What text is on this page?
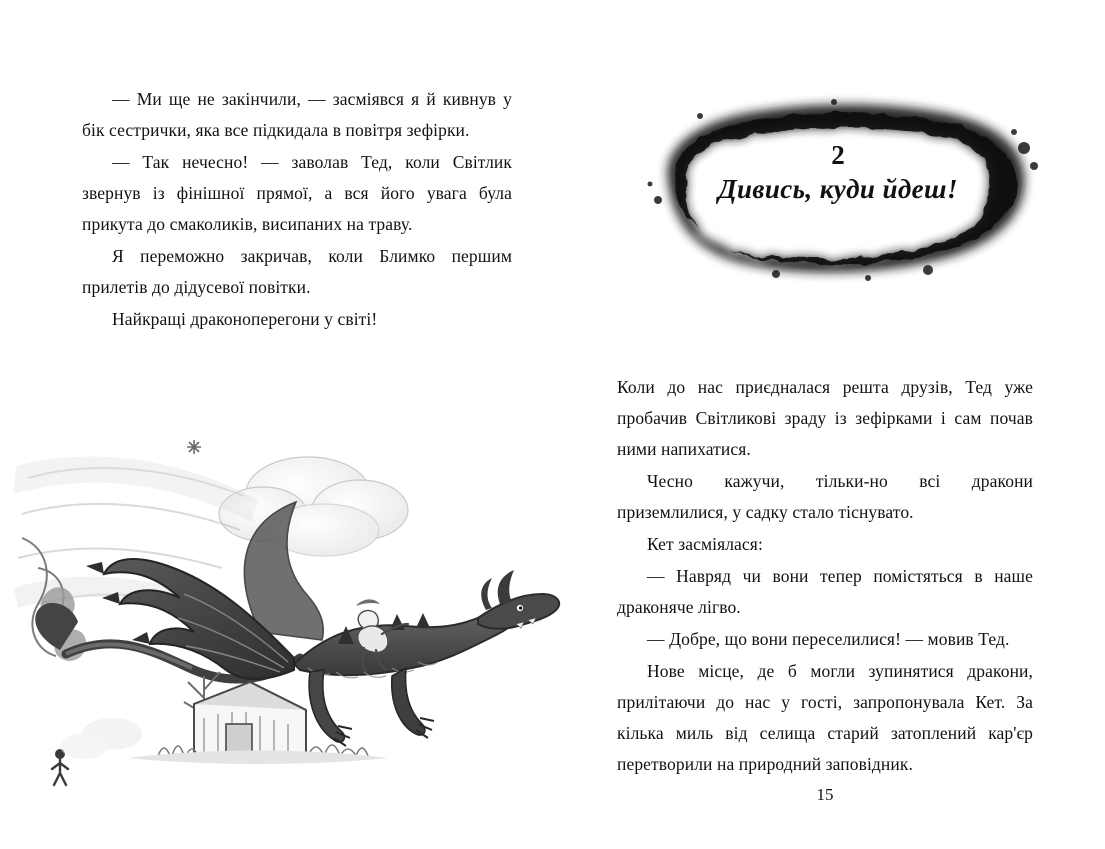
— Ми ще не закінчили, — засміявся я й кивнув у бік сестрички, яка все підкидала в повітря зефірки.

— Так нечесно! — заволав Тед, коли Світлик звернув із фінішної прямої, а вся його увага була прикута до смаколиків, висипаних на траву.

Я переможно закричав, коли Блимко першим прилетів до дідусевої повітки.

Найкращі драконоперегони у світі!

2
Дивись, куди йдеш!

Коли до нас приєдналася решта друзів, Тед уже пробачив Світликові зраду із зефірками і сам почав ними напихатися.

Чесно кажучи, тільки-но всі дракони приземлилися, у садку стало тіснувато.

Кет засміялася:

— Навряд чи вони тепер помістяться в наше драконяче лігво.

— Добре, що вони переселилися! — мовив Тед.

Нове місце, де б могли зупинятися дракони, прилітаючи до нас у гості, запропонувала Кет. За кілька миль від селища старий затоплений кар'єр перетворили на природний заповідник.

15
